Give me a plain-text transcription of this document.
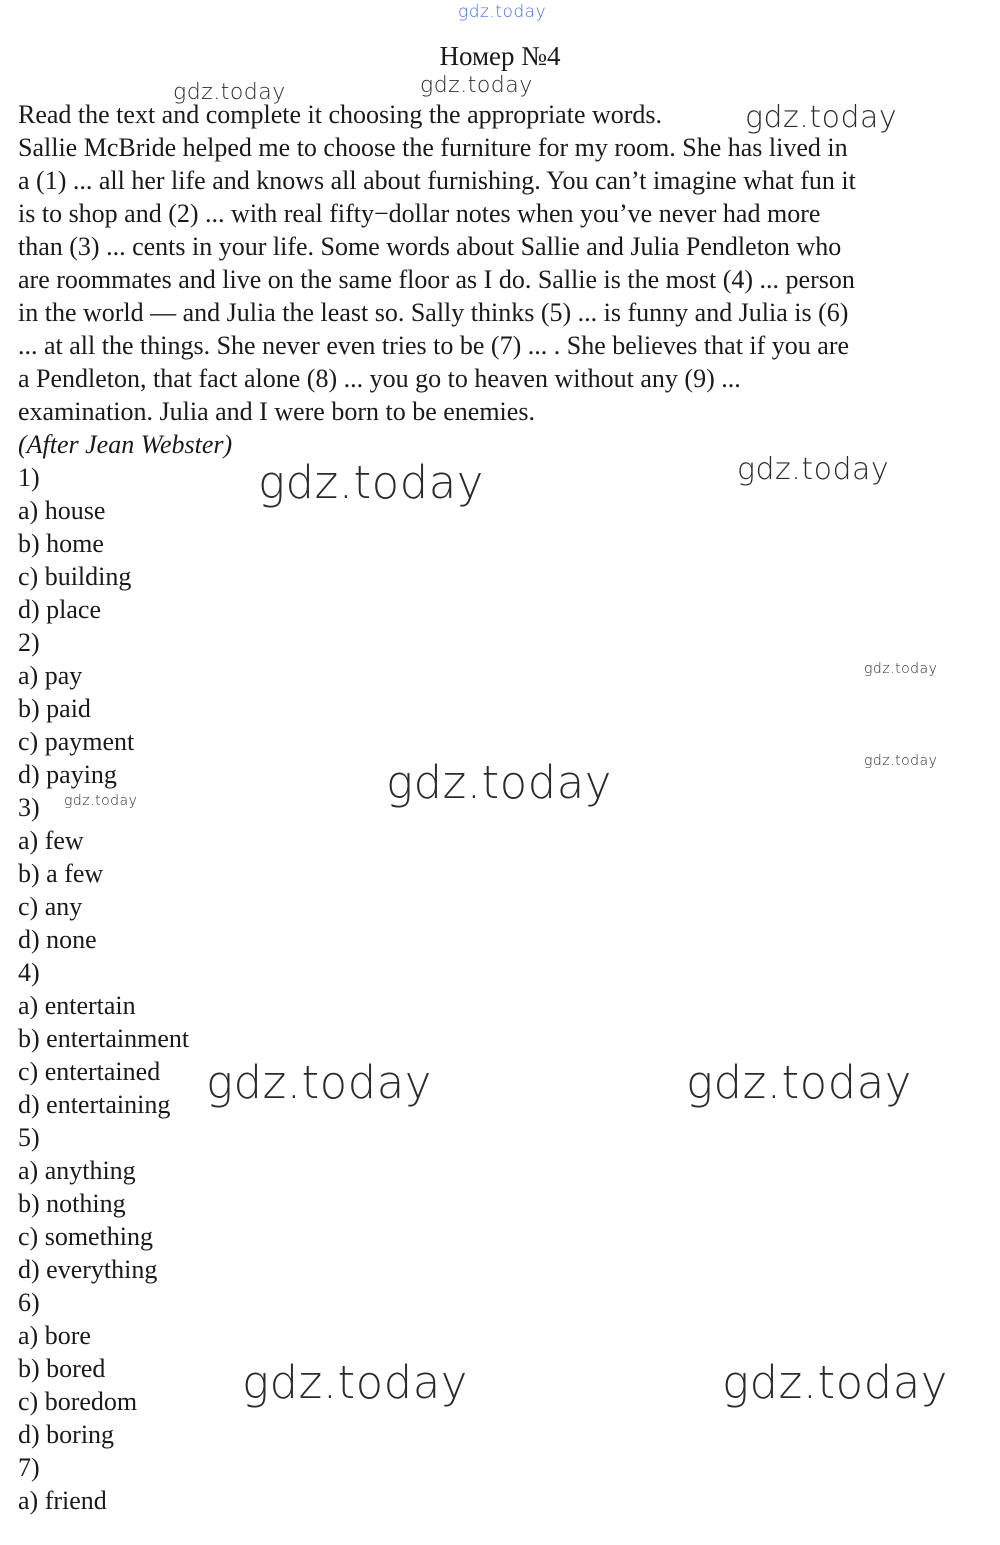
Номер №4
Read the text and complete it choosing the appropriate words.
Sallie McBride helped me to choose the furniture for my room. She has lived in
a (1) ... all her life and knows all about furnishing. You can’t imagine what fun it
is to shop and (2) ... with real fifty−dollar notes when you’ve never had more
than (3) ... cents in your life. Some words about Sallie and Julia Pendleton who
are roommates and live on the same floor as I do. Sallie is the most (4) ... person
in the world — and Julia the least so. Sally thinks (5) ... is funny and Julia is (6)
... at all the things. She never even tries to be (7) ... . She believes that if you are
a Pendleton, that fact alone (8) ... you go to heaven without any (9) ...
examination. Julia and I were born to be enemies.
(After Jean Webster)
1)
a) house
b) home
c) building
d) place
2)
a) pay
b) paid
c) payment
d) paying
3)
a) few
b) a few
c) any
d) none
4)
a) entertain
b) entertainment
c) entertained
d) entertaining
5)
a) anything
b) nothing
c) something
d) everything
6)
a) bore
b) bored
c) boredom
d) boring
7)
a) friend
gdz.today
gdz.today
gdz.today
gdz.today
gdz.today	gdz.today
gdz.today
gdz.today
gdz.today
gdz.today
gdz.today	gdz.today
gdz.today	gdz.today
